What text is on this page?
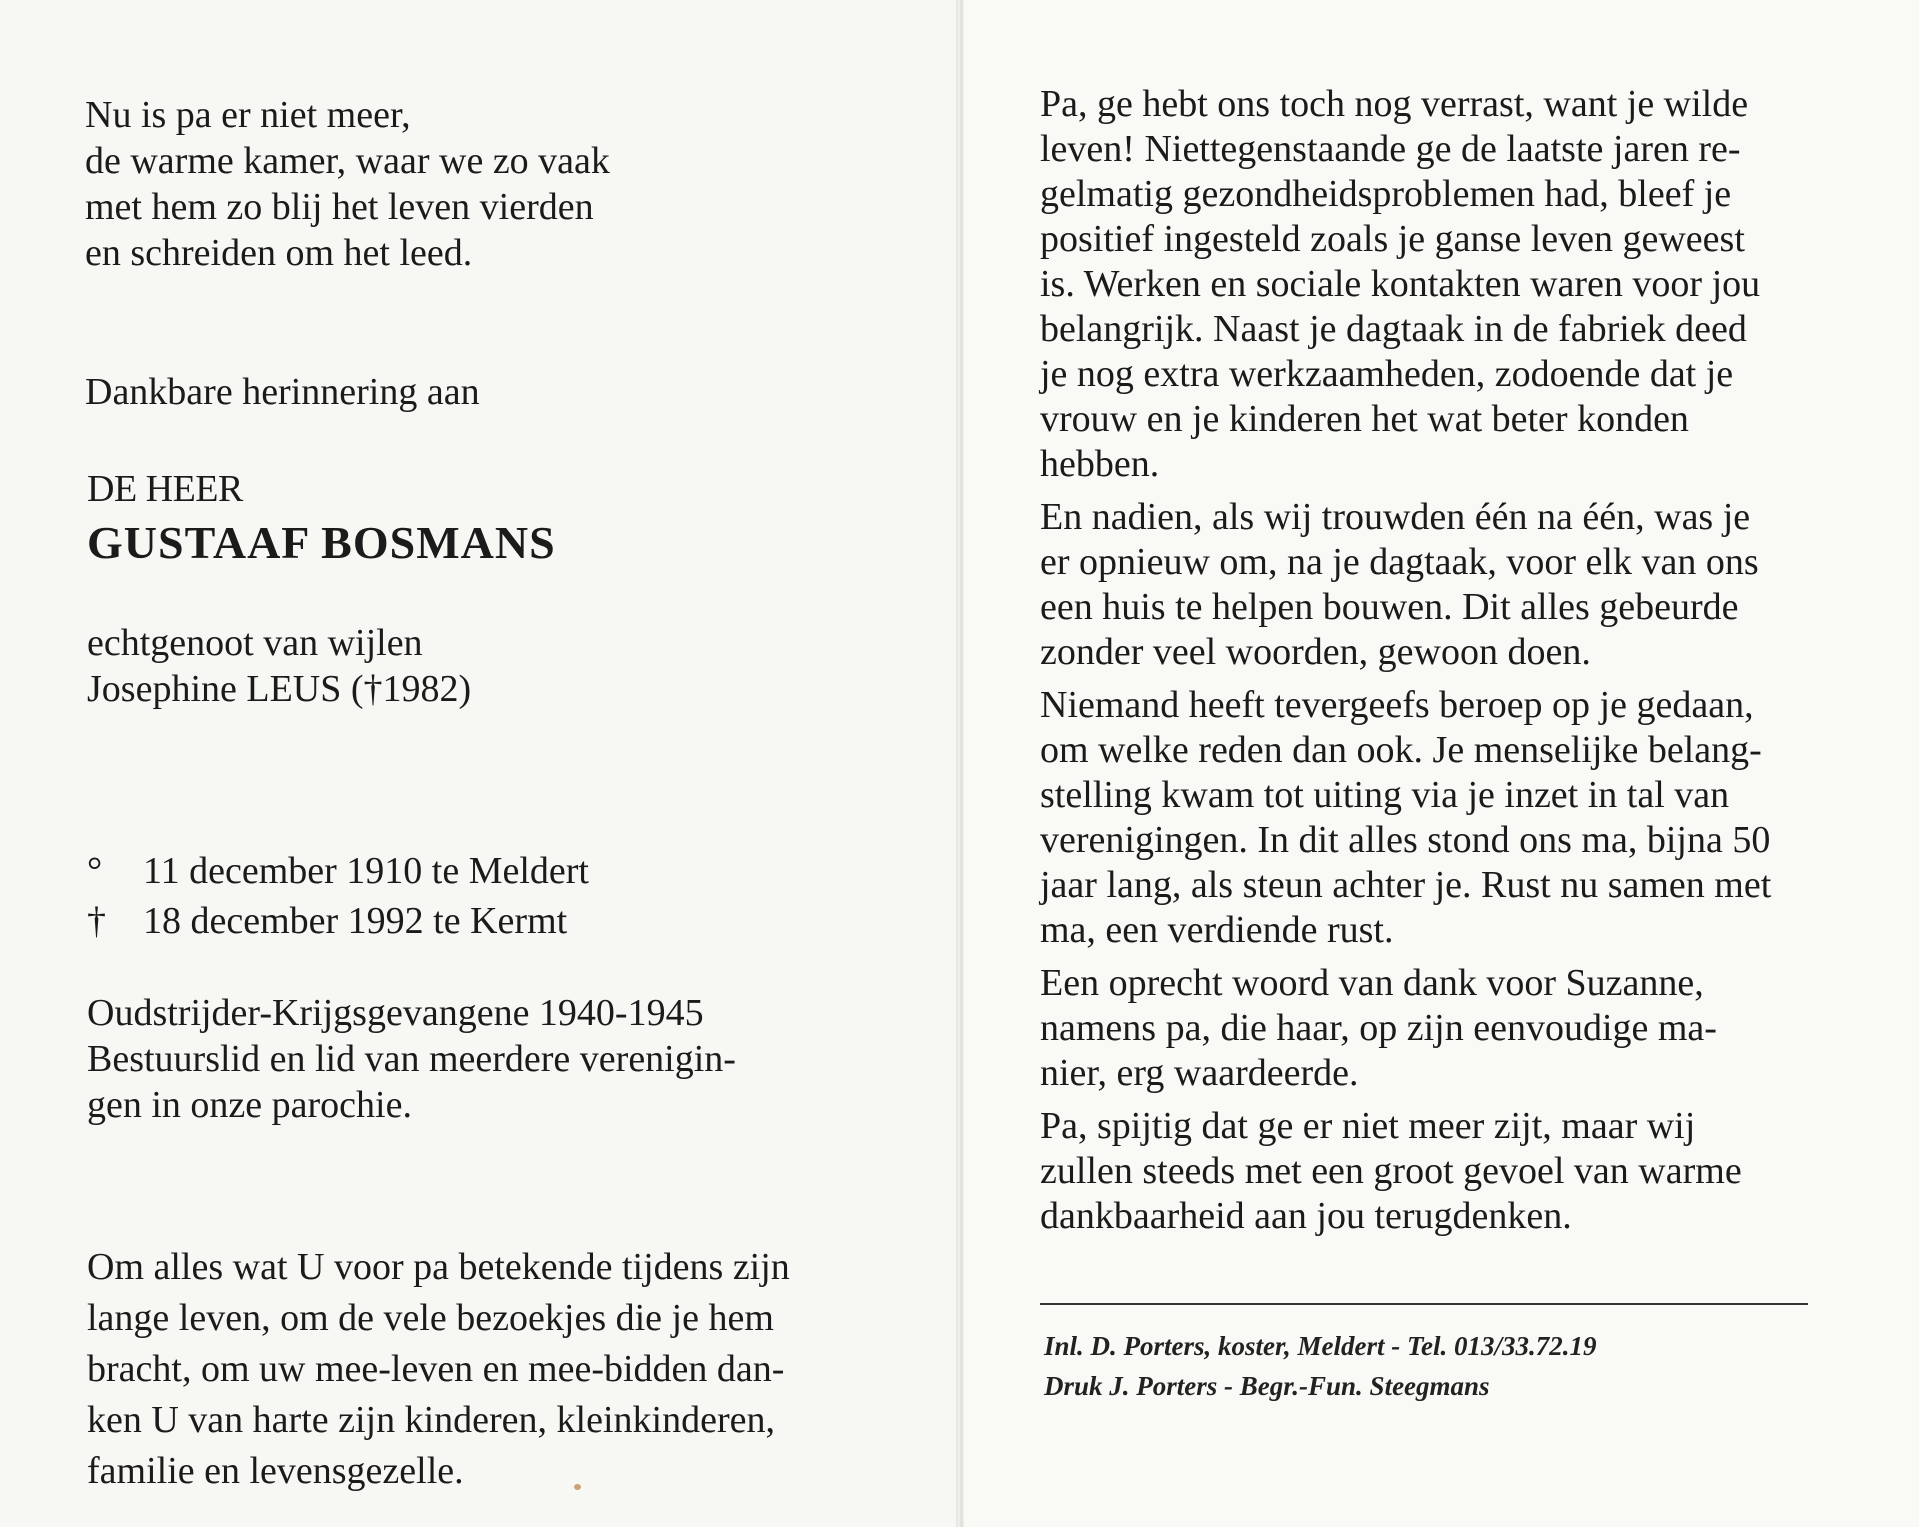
Nu is pa er niet meer,
de warme kamer, waar we zo vaak
met hem zo blij het leven vierden
en schreiden om het leed.
Dankbare herinnering aan
DE HEER
GUSTAAF BOSMANS
echtgenoot van wijlen
Josephine LEUS (†1982)
°	11 december 1910 te Meldert
† 18 december 1992 te Kermt
Oudstrijder-Krijgsgevangene 1940-1945
Bestuurslid en lid van meerdere verenigin-
gen in onze parochie.
Om alles wat U voor pa betekende tijdens zijn
lange leven, om de vele bezoekjes die je hem
bracht, om uw mee-leven en mee-bidden dan-
ken U van harte zijn kinderen, kleinkinderen,
familie en levensgezelle.
Pa, ge hebt ons toch nog verrast, want je wilde
leven! Niettegenstaande ge de laatste jaren re-
gelmatig gezondheidsproblemen had, bleef je
positief ingesteld zoals je ganse leven geweest
is. Werken en sociale kontakten waren voor jou
belangrijk. Naast je dagtaak in de fabriek deed
je nog extra werkzaamheden, zodoende dat je
vrouw en je kinderen het wat beter konden
hebben.
En nadien, als wij trouwden één na één, was je
er opnieuw om, na je dagtaak, voor elk van ons
een huis te helpen bouwen. Dit alles gebeurde
zonder veel woorden, gewoon doen.
Niemand heeft tevergeefs beroep op je gedaan,
om welke reden dan ook. Je menselijke belang-
stelling kwam tot uiting via je inzet in tal van
verenigingen. In dit alles stond ons ma, bijna 50
jaar lang, als steun achter je. Rust nu samen met
ma, een verdiende rust.
Een oprecht woord van dank voor Suzanne,
namens pa, die haar, op zijn eenvoudige ma-
nier, erg waardeerde.
Pa, spijtig dat ge er niet meer zijt, maar wij
zullen steeds met een groot gevoel van warme
dankbaarheid aan jou terugdenken.
Inl. D. Porters, koster, Meldert - Tel. 013/33.72.19
Druk J. Porters - Begr.-Fun. Steegmans
